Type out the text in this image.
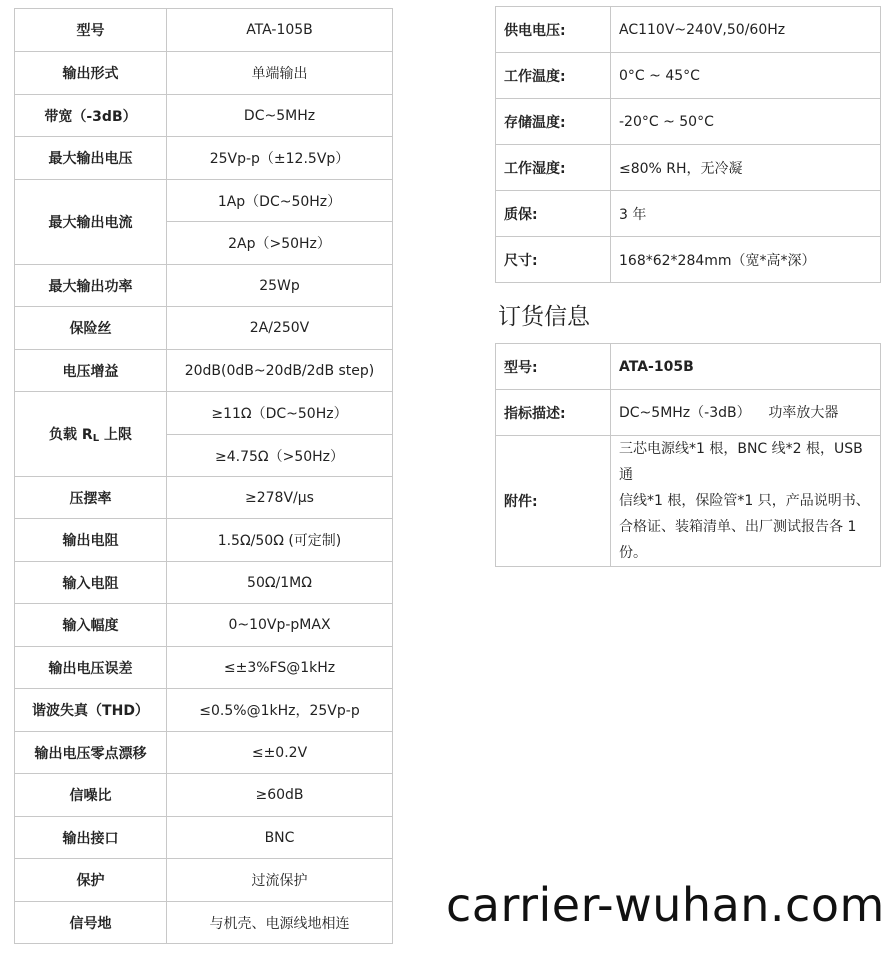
型号	ATA-105B
输出形式	单端输出
带宽（-3dB）	DC~5MHz
最大输出电压	25Vp-p（±12.5Vp）
最大输出电流	1Ap（DC~50Hz）
	2Ap（>50Hz）
最大输出功率	25Wp
保险丝	2A/250V
电压增益	20dB(0dB~20dB/2dB step)
负载 $R_L$ 上限	≥11Ω（DC~50Hz）
	≥4.75Ω（>50Hz）
压摆率	≥278V/μs
输出电阻	1.5Ω/50Ω (可定制)
输入电阻	50Ω/1MΩ
输入幅度	0~10Vp-pMAX
输出电压误差	≤±3%FS@1kHz
谐波失真（THD）	≤0.5%@1kHz，25Vp-p
输出电压零点漂移	≤±0.2V
信噪比	≥60dB
输出接口	BNC
保护	过流保护
信号地	与机壳、电源线地相连
供电电压:	AC110V~240V,50/60Hz
工作温度:	0°C ~ 45°C
存储温度:	-20°C ~ 50°C
工作湿度:	≤80% RH，无冷凝
质保:	3 年
尺寸:	168*62*284mm（宽*高*深）
订货信息
型号:	ATA-105B
指标描述:	DC~5MHz（-3dB）    功率放大器
附件:	三芯电源线*1 根，BNC 线*2 根，USB 通
信线*1 根，保险管*1 只，产品说明书、
合格证、装箱清单、出厂测试报告各 1 份。
carrier-wuhan.com
